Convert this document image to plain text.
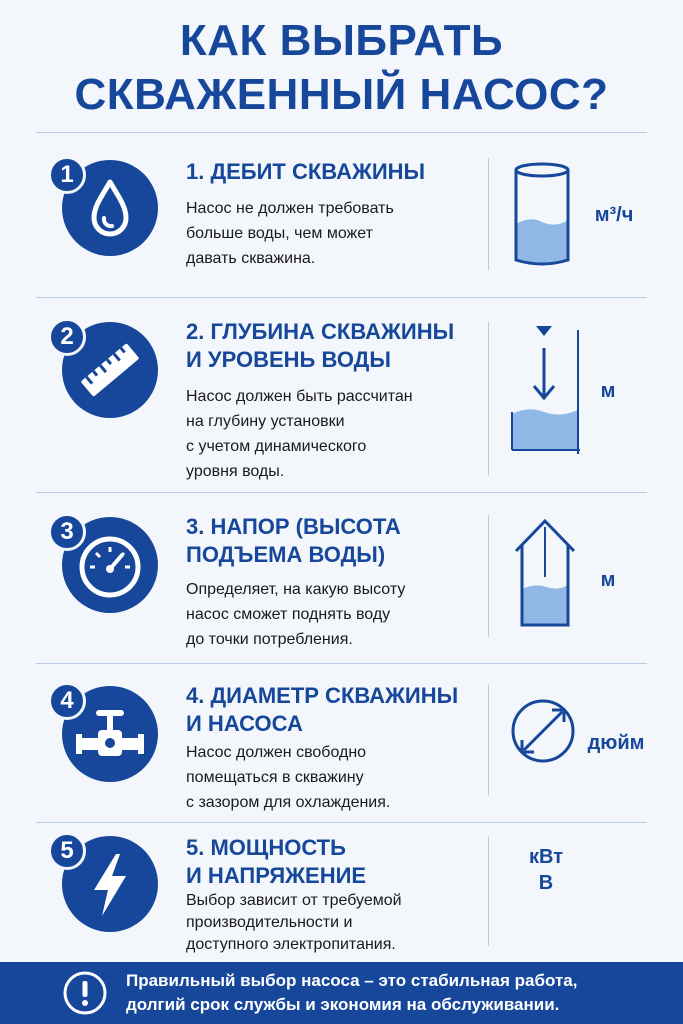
КАК ВЫБРАТЬ
СКВАЖЕННЫЙ НАСОС?
1	1. ДЕБИТ СКВАЖИНЫ
Насос не должен требовать
больше воды, чем может
давать скважина.
м³/ч
2	2. ГЛУБИНА СКВАЖИНЫ
И УРОВЕНЬ ВОДЫ
Насос должен быть рассчитан
на глубину установки
с учетом динамического
уровня воды.
м
3	3. НАПОР (ВЫСОТА
ПОДЪЕМА ВОДЫ)
Определяет, на какую высоту
насос сможет поднять воду
до точки потребления.
м
4	4. ДИАМЕТР СКВАЖИНЫ
И НАСОСА
Насос должен свободно
помещаться в скважину
с зазором для охлаждения.
дюйм
5	5. МОЩНОСТЬ
И НАПРЯЖЕНИЕ
Выбор зависит от требуемой
производительности и
доступного электропитания.
кВт
В
Правильный выбор насоса – это стабильная работа,
долгий срок службы и экономия на обслуживании.
